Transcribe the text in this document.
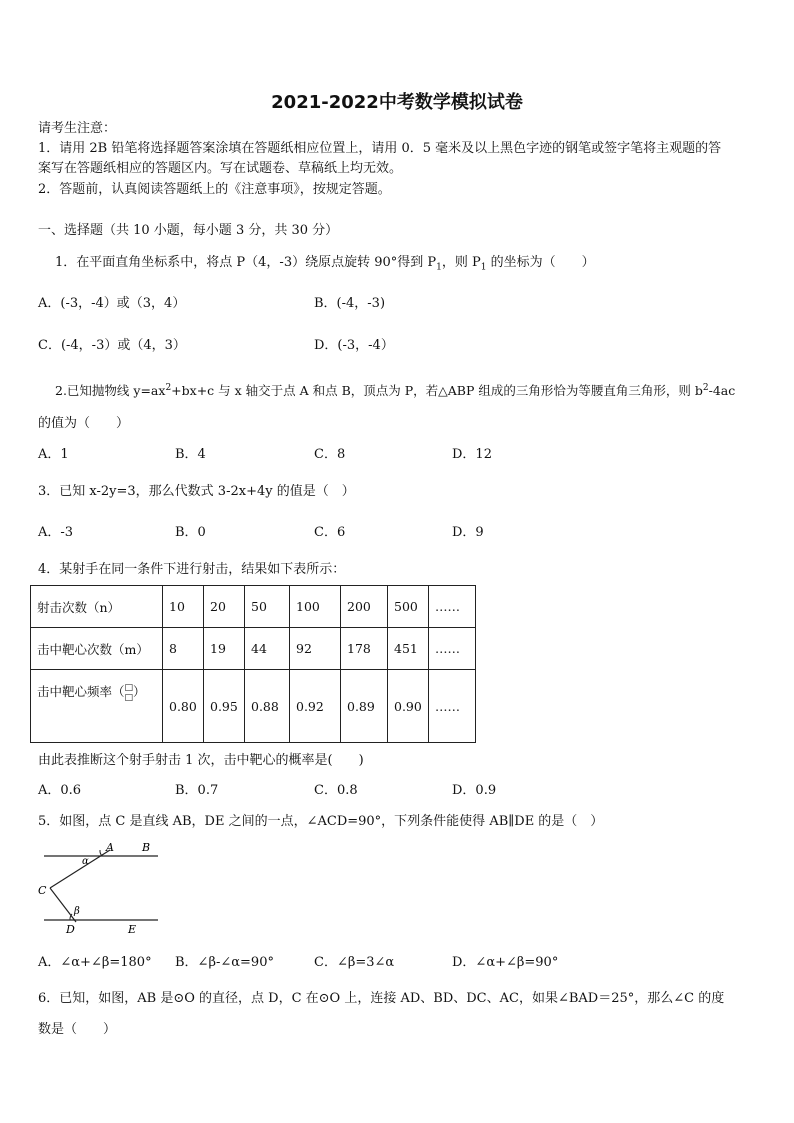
2021-2022中考数学模拟试卷
请考生注意：
1．请用 2B 铅笔将选择题答案涂填在答题纸相应位置上，请用 0．5 毫米及以上黑色字迹的钢笔或签字笔将主观题的答
案写在答题纸相应的答题区内。写在试题卷、草稿纸上均无效。
2．答题前，认真阅读答题纸上的《注意事项》，按规定答题。
一、选择题（共 10 小题，每小题 3 分，共 30 分）
1．在平面直角坐标系中，将点 P（4，-3）绕原点旋转 90°得到 $P_1$，则 $P_1$ 的坐标为（　　）
A．(-3，-4）或（3，4）	B．(-4，-3)
C．(-4，-3）或（4，3）	D．(-3，-4）
2.已知抛物线 $y=ax^2+bx+c$ 与 x 轴交于点 A 和点 B，顶点为 P，若△ABP 组成的三角形恰为等腰直角三角形，则 $b^2-4ac$
的值为（　　）
A．1	B．4	C．8	D．12
3．已知 x-2y=3，那么代数式 3-2x+4y 的值是（　）
A．-3	B．0	C．6	D．9
4．某射手在同一条件下进行射击，结果如下表所示：
射击次数（n）	10	20	50	100	200	500	……
击中靶心次数（m）	8	19	44	92	178	451	……
击中靶心频率（□
□）	0.80	0.95	0.88	0.92	0.89	0.90	……
由此表推断这个射手射击 1 次，击中靶心的概率是(　　)
A．0.6	B．0.7	C．0.8	D．0.9
5．如图，点 C 是直线 AB，DE 之间的一点，∠ACD=90°，下列条件能使得 AB∥DE 的是（　）
A	B
C
D	E
α
β
A．∠α+∠β=180° B．∠β-∠α=90°	C．∠β=3∠α	D．∠α+∠β=90°
6．已知，如图，AB 是⊙O 的直径，点 D，C 在⊙O 上，连接 AD、BD、DC、AC，如果∠BAD＝25°，那么∠C 的度
数是（　　）
